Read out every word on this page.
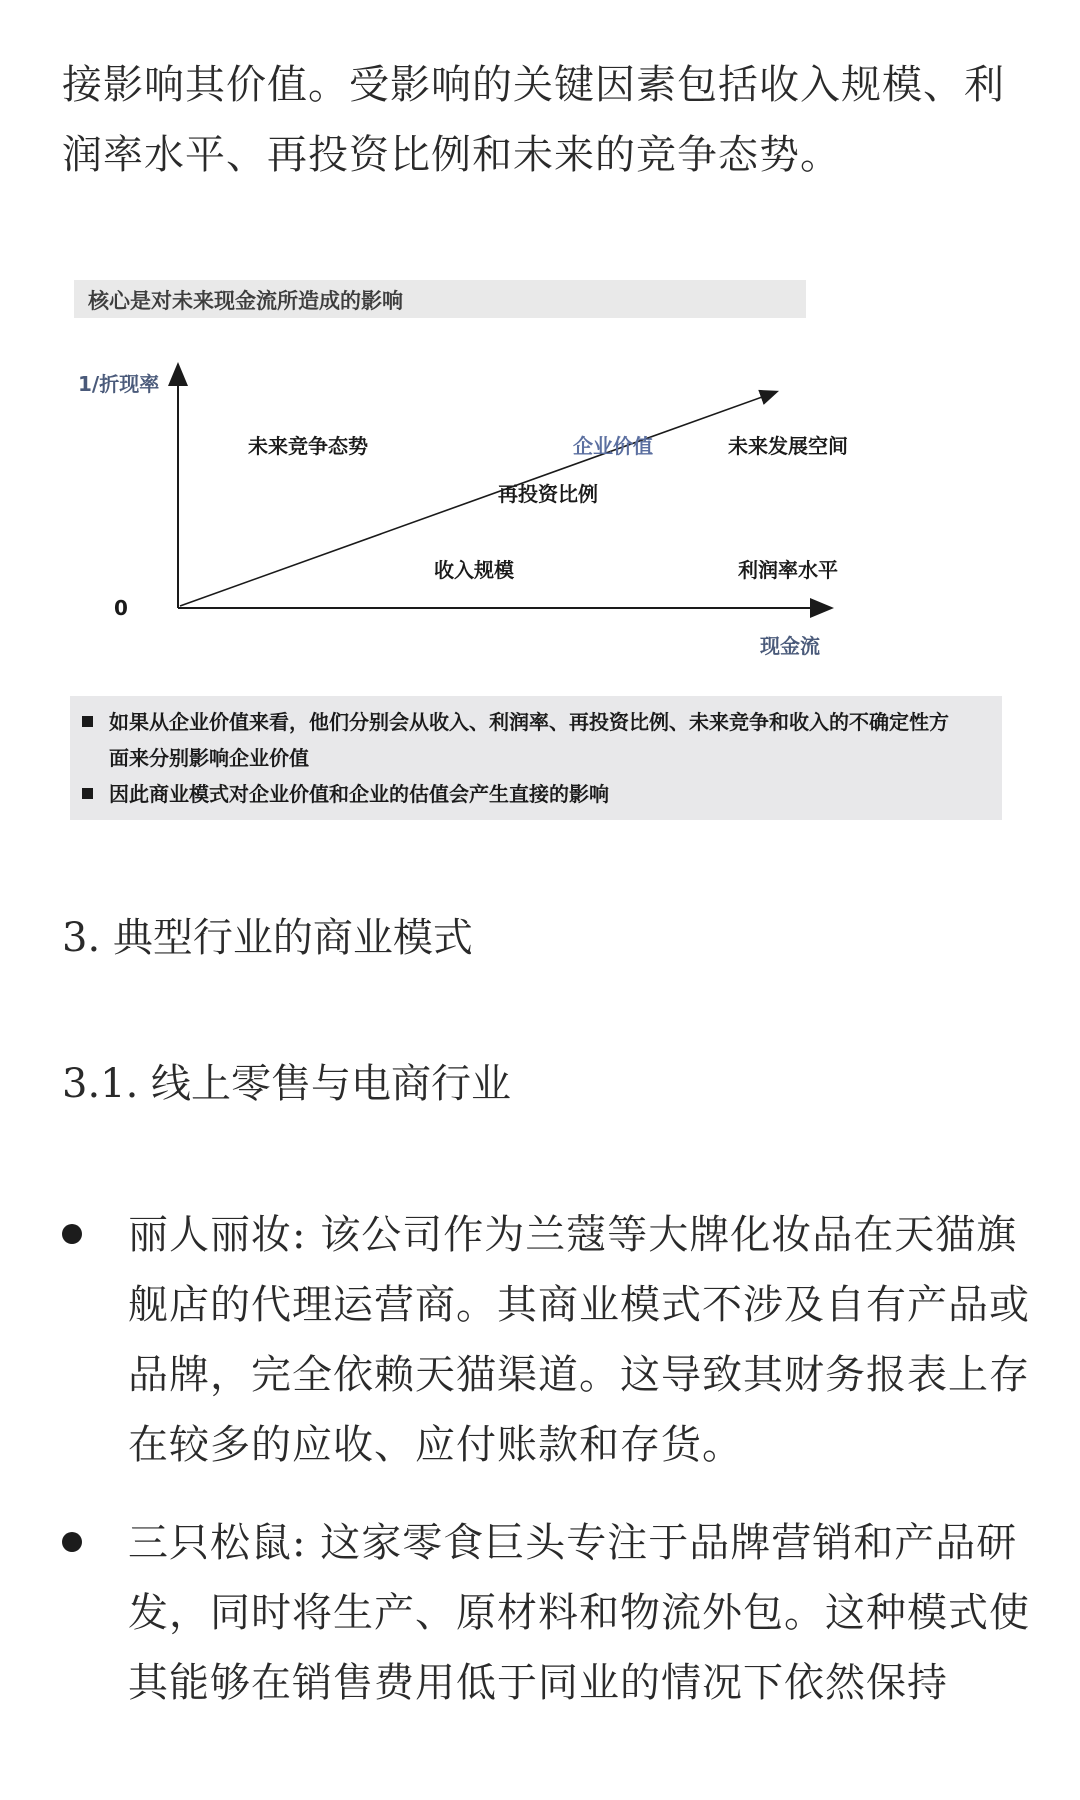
接影响其价值。受影响的关键因素包括收入规模、利润率水平、再投资比例和未来的竞争态势。
核心是对未来现金流所造成的影响
1/折现率
0
现金流
未来竞争态势	企业价值	未来发展空间
再投资比例
收入规模	利润率水平
如果从企业价值来看，他们分别会从收入、利润率、再投资比例、未来竞争和收入的不确定性方
面来分别影响企业价值
因此商业模式对企业价值和企业的估值会产生直接的影响
3. 典型行业的商业模式
3.1. 线上零售与电商行业
丽人丽妆: 该公司作为兰蔻等大牌化妆品在天猫旗舰店的代理运营商。其商业模式不涉及自有产品或品牌，完全依赖天猫渠道。这导致其财务报表上存在较多的应收、应付账款和存货。
三只松鼠: 这家零食巨头专注于品牌营销和产品研发，同时将生产、原材料和物流外包。这种模式使其能够在销售费用低于同业的情况下依然保持
